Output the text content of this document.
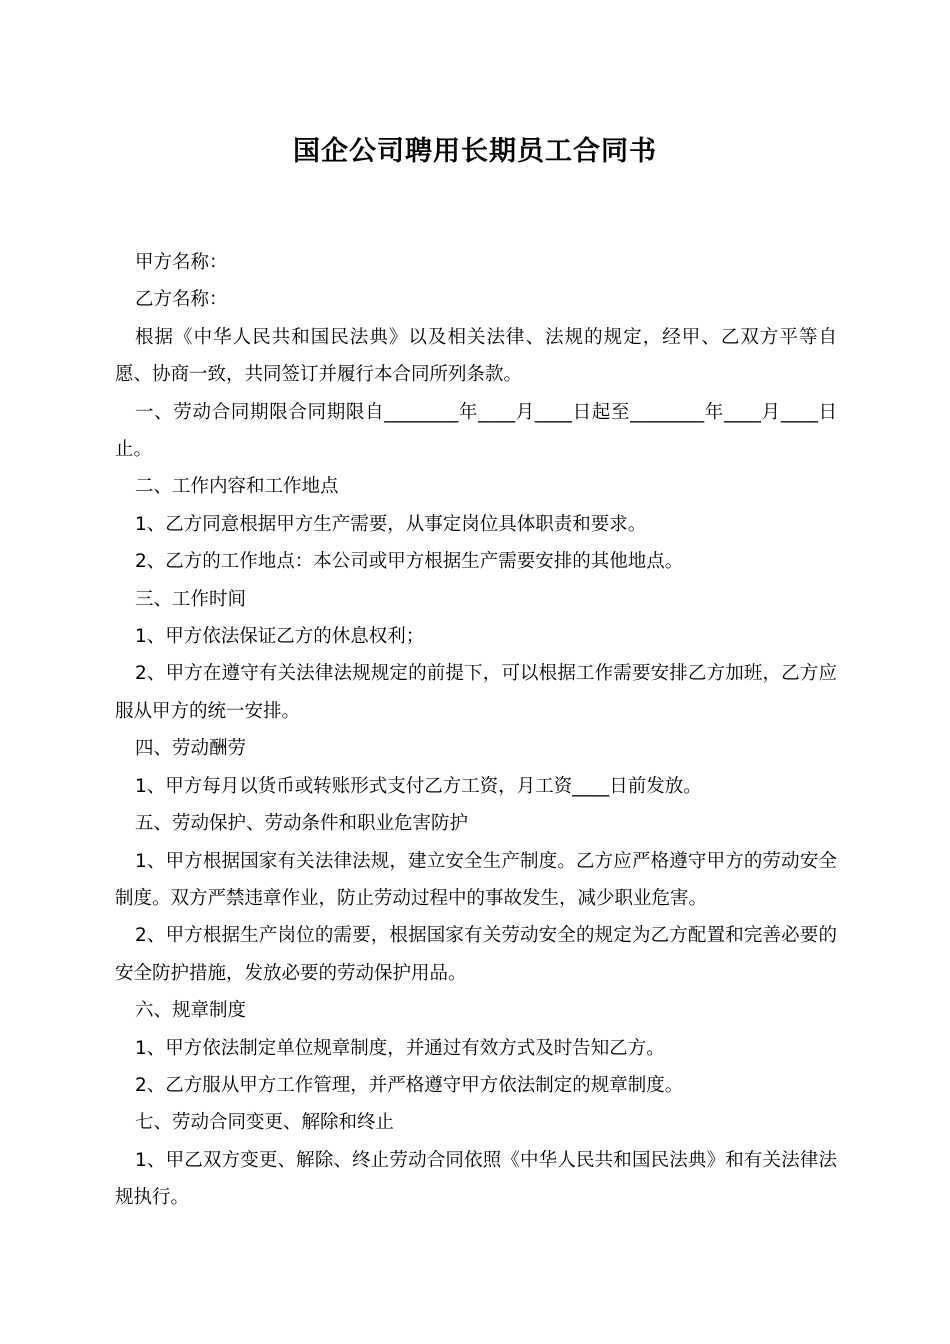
国企公司聘用长期员工合同书

甲方名称：

乙方名称：

根据《中华人民共和国民法典》以及相关法律、法规的规定，经甲、乙双方平等自愿、协商一致，共同签订并履行本合同所列条款。

一、劳动合同期限合同期限自________年____月____日起至________年____月____日止。

二、工作内容和工作地点

1、乙方同意根据甲方生产需要，从事定岗位具体职责和要求。

2、乙方的工作地点：本公司或甲方根据生产需要安排的其他地点。

三、工作时间

1、甲方依法保证乙方的休息权利；

2、甲方在遵守有关法律法规规定的前提下，可以根据工作需要安排乙方加班，乙方应服从甲方的统一安排。

四、劳动酬劳

1、甲方每月以货币或转账形式支付乙方工资，月工资____日前发放。

五、劳动保护、劳动条件和职业危害防护

1、甲方根据国家有关法律法规，建立安全生产制度。乙方应严格遵守甲方的劳动安全制度。双方严禁违章作业，防止劳动过程中的事故发生，减少职业危害。

2、甲方根据生产岗位的需要，根据国家有关劳动安全的规定为乙方配置和完善必要的安全防护措施，发放必要的劳动保护用品。

六、规章制度

1、甲方依法制定单位规章制度，并通过有效方式及时告知乙方。

2、乙方服从甲方工作管理，并严格遵守甲方依法制定的规章制度。

七、劳动合同变更、解除和终止

1、甲乙双方变更、解除、终止劳动合同依照《中华人民共和国民法典》和有关法律法规执行。
